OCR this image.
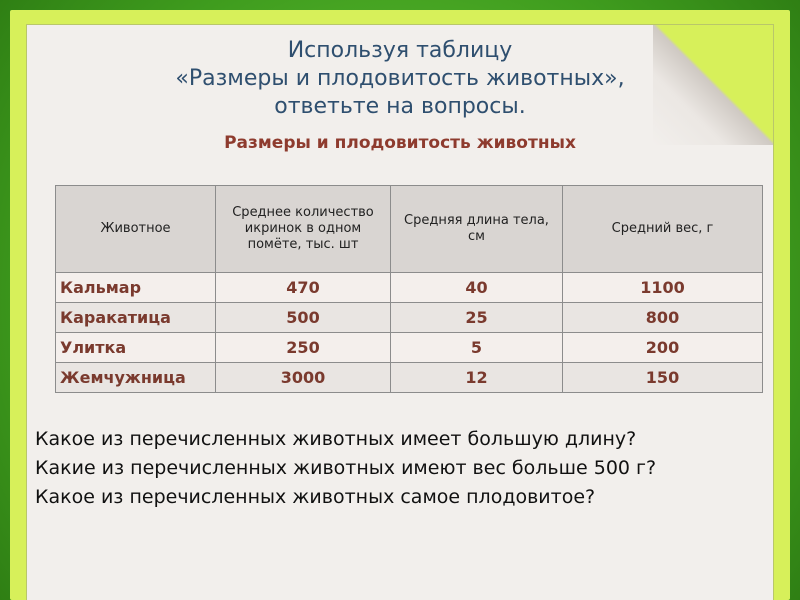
Используя таблицу
«Размеры и плодовитость животных»,
ответьте на вопросы.
Размеры и плодовитость животных
Животное	Среднее количество икринок в одном помёте, тыс. шт	Средняя длина тела, см	Средний вес, г
Кальмар	470	40	1100
Каракатица	500	25	800
Улитка	250	5	200
Жемчужница	3000	12	150

Какое из перечисленных животных имеет большую длину?

Какие из перечисленных животных имеют вес больше 500 г?

Какое из перечисленных животных самое плодовитое?
